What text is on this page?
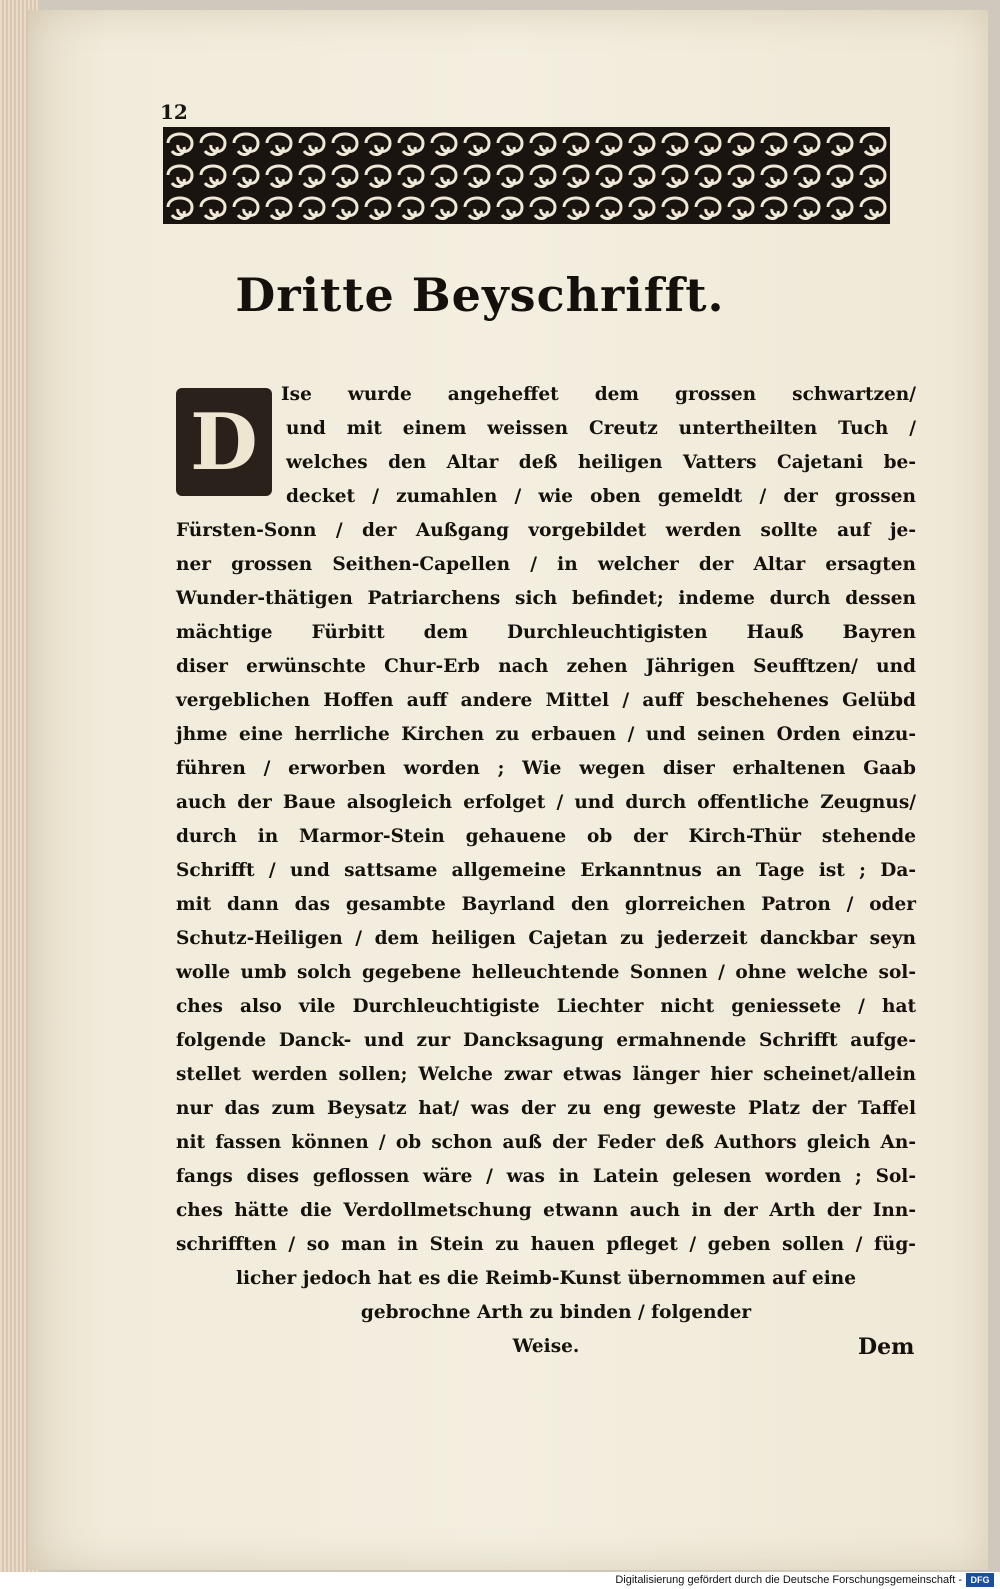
12
Dritte Beyschrifft.
Ise wurde angeheffet dem grossen schwartzen/
und mit einem weissen Creutz untertheilten Tuch /
welches den Altar deß heiligen Vatters Cajetani be-
decket / zumahlen / wie oben gemeldt / der grossen
Fürsten-Sonn / der Außgang vorgebildet werden sollte auf je-
ner grossen Seithen-Capellen / in welcher der Altar ersagten
Wunder-thätigen Patriarchens sich befindet; indeme durch dessen
mächtige Fürbitt dem Durchleuchtigisten Hauß Bayren
diser erwünschte Chur-Erb nach zehen Jährigen Seufftzen/ und
vergeblichen Hoffen auff andere Mittel / auff beschehenes Gelübd
jhme eine herrliche Kirchen zu erbauen / und seinen Orden einzu-
führen / erworben worden ; Wie wegen diser erhaltenen Gaab
auch der Baue alsogleich erfolget / und durch offentliche Zeugnus/
durch in Marmor-Stein gehauene ob der Kirch-Thür stehende
Schrifft / und sattsame allgemeine Erkanntnus an Tage ist ; Da-
mit dann das gesambte Bayrland den glorreichen Patron / oder
Schutz-Heiligen / dem heiligen Cajetan zu jederzeit danckbar seyn
wolle umb solch gegebene helleuchtende Sonnen / ohne welche sol-
ches also vile Durchleuchtigiste Liechter nicht geniessete / hat
folgende Danck- und zur Dancksagung ermahnende Schrifft aufge-
stellet werden sollen; Welche zwar etwas länger hier scheinet/allein
nur das zum Beysatz hat/ was der zu eng geweste Platz der Taffel
nit fassen können / ob schon auß der Feder deß Authors gleich An-
fangs dises geflossen wäre / was in Latein gelesen worden ; Sol-
ches hätte die Verdollmetschung etwann auch in der Arth der Inn-
schrifften / so man in Stein zu hauen pfleget / geben sollen / füg-
licher jedoch hat es die Reimb-Kunst übernommen auf eine
gebrochne Arth zu binden / folgender
Weise.
D
Dem
Digitalisierung gefördert durch die Deutsche Forschungsgemeinschaft - DFG
